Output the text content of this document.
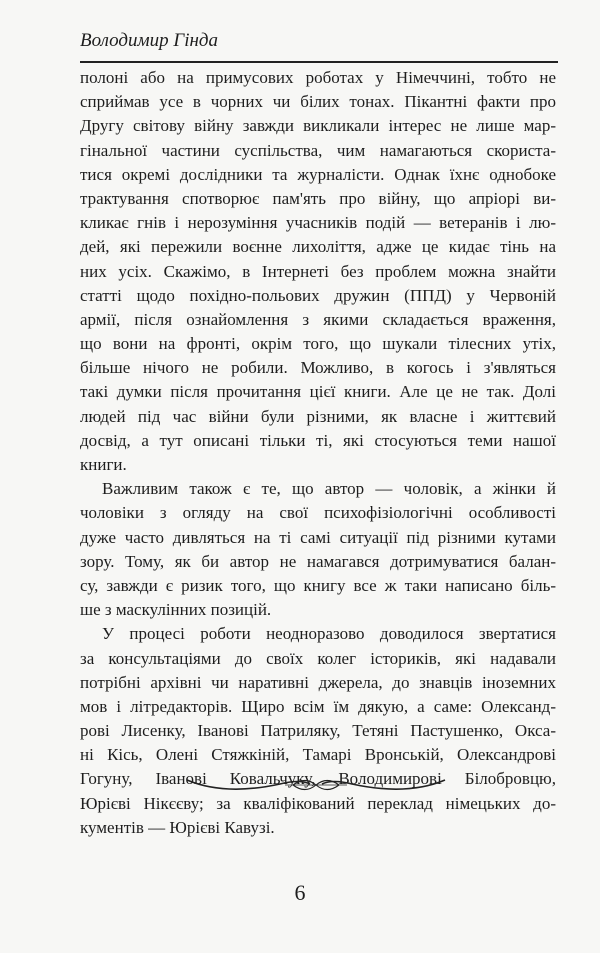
Володимир Гінда
полоні або на примусових роботах у Німеччині, тобто не
сприймав усе в чорних чи білих тонах. Пікантні факти про
Другу світову війну завжди викликали інтерес не лише мар-
гінальної частини суспільства, чим намагаються скориста-
тися окремі дослідники та журналісти. Однак їхнє однобоке
трактування спотворює пам'ять про війну, що апріорі ви-
кликає гнів і нерозуміння учасників подій — ветеранів і лю-
дей, які пережили воєнне лихоліття, адже це кидає тінь на
них усіх. Скажімо, в Інтернеті без проблем можна знайти
статті щодо похідно-польових дружин (ППД) у Червоній
армії, після ознайомлення з якими складається враження,
що вони на фронті, окрім того, що шукали тілесних утіх,
більше нічого не робили. Можливо, в когось і з'являться
такі думки після прочитання цієї книги. Але це не так. Долі
людей під час війни були різними, як власне і життєвий
досвід, а тут описані тільки ті, які стосуються теми нашої
книги.
Важливим також є те, що автор — чоловік, а жінки й
чоловіки з огляду на свої психофізіологічні особливості
дуже часто дивляться на ті самі ситуації під різними кутами
зору. Тому, як би автор не намагався дотримуватися балан-
су, завжди є ризик того, що книгу все ж таки написано біль-
ше з маскулінних позицій.
У процесі роботи неодноразово доводилося звертатися
за консультаціями до своїх колег істориків, які надавали
потрібні архівні чи наративні джерела, до знавців іноземних
мов і літредакторів. Щиро всім їм дякую, а саме: Олександ-
рові Лисенку, Іванові Патриляку, Тетяні Пастушенко, Окса-
ні Кісь, Олені Стяжкіній, Тамарі Вронській, Олександрові
Гогуну, Іванові Ковальчуку, Володимирові Білобровцю,
Юрієві Нікєєву; за кваліфікований переклад німецьких до-
кументів — Юрієві Кавузі.
6
